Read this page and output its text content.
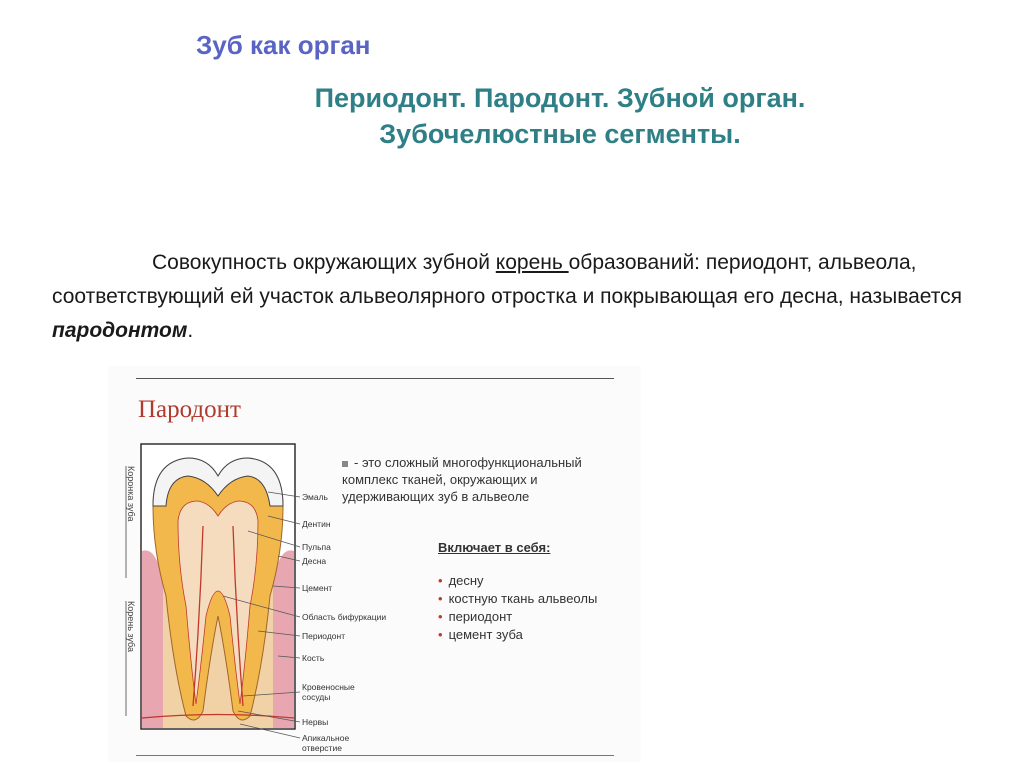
Зуб как орган
Периодонт. Пародонт. Зубной орган.
Зубочелюстные сегменты.
Совокупность окружающих зубной корень образований: периодонт, альвеола, соответствующий ей участок альвеолярного отростка и покрывающая его десна, называется пародонтом.
Пародонт
Коронка зуба
Корень зуба
Эмаль
Дентин
Пульпа
Десна
Цемент
Область бифуркации
Периодонт
Кость
Кровеносные
сосуды
Нервы
Апикальное
отверстие
- это сложный многофункциональный комплекс тканей, окружающих и удерживающих зуб в альвеоле
Включает в себя:
• десну
• костную ткань альвеолы
• периодонт
• цемент зуба
